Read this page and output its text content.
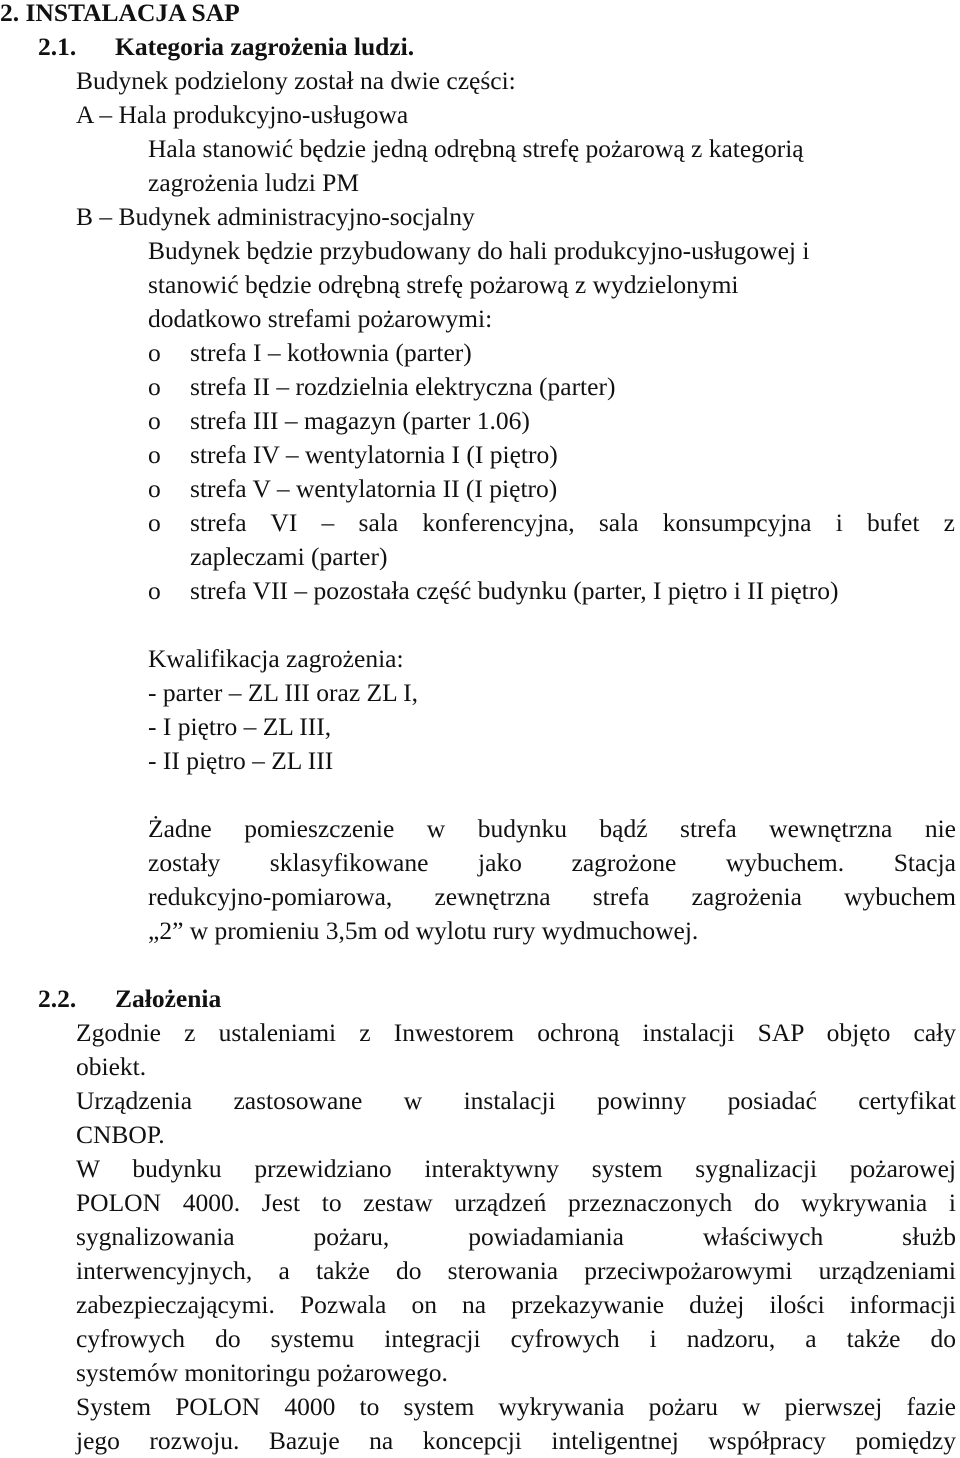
2. INSTALACJA SAP
2.1. Kategoria zagrożenia ludzi.
Budynek podzielony został na dwie części:
A – Hala produkcyjno-usługowa
Hala stanowić będzie jedną odrębną strefę pożarową z kategorią
zagrożenia ludzi PM
B – Budynek administracyjno-socjalny
Budynek będzie przybudowany do hali produkcyjno-usługowej i
stanowić będzie odrębną strefę pożarową z wydzielonymi
dodatkowo strefami pożarowymi:
o strefa I – kotłownia (parter)
o strefa II – rozdzielnia elektryczna (parter)
o strefa III – magazyn (parter 1.06)
o strefa IV – wentylatornia I (I piętro)
o strefa V – wentylatornia II (I piętro)
o strefa VI – sala konferencyjna, sala konsumpcyjna i bufet z
zapleczami (parter)
o strefa VII – pozostała część budynku (parter, I piętro i II piętro)
Kwalifikacja zagrożenia:
- parter – ZL III oraz ZL I,
- I piętro – ZL III,
- II piętro – ZL III
Żadne pomieszczenie w budynku bądź strefa wewnętrzna nie
zostały sklasyfikowane jako zagrożone wybuchem. Stacja
redukcyjno-pomiarowa, zewnętrzna strefa zagrożenia wybuchem
„2” w promieniu 3,5m od wylotu rury wydmuchowej.
2.2. Założenia
Zgodnie z ustaleniami z Inwestorem ochroną instalacji SAP objęto cały
obiekt.
Urządzenia zastosowane w instalacji powinny posiadać certyfikat
CNBOP.
W budynku przewidziano interaktywny system sygnalizacji pożarowej
POLON 4000. Jest to zestaw urządzeń przeznaczonych do wykrywania i
sygnalizowania pożaru, powiadamiania właściwych służb
interwencyjnych, a także do sterowania przeciwpożarowymi urządzeniami
zabezpieczającymi. Pozwala on na przekazywanie dużej ilości informacji
cyfrowych do systemu integracji cyfrowych i nadzoru, a także do
systemów monitoringu pożarowego.
System POLON 4000 to system wykrywania pożaru w pierwszej fazie
jego rozwoju. Bazuje na koncepcji inteligentnej współpracy pomiędzy
